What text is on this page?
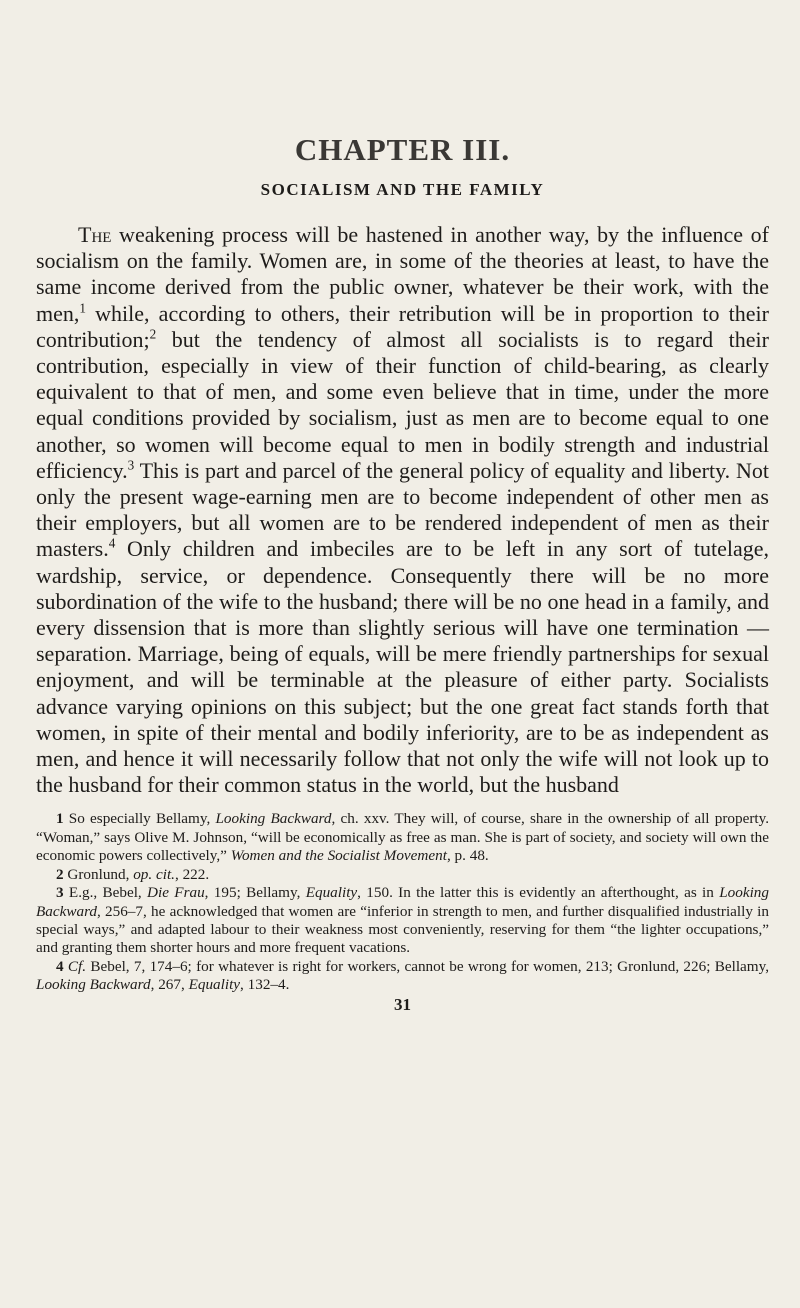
CHAPTER III.
SOCIALISM AND THE FAMILY

The weakening process will be hastened in another way, by the influence of socialism on the family. Women are, in some of the theories at least, to have the same income derived from the public owner, whatever be their work, with the men,$^1$ while, according to others, their retribution will be in proportion to their contribution;$^2$ but the tendency of almost all socialists is to regard their contribution, especially in view of their function of child-bearing, as clearly equivalent to that of men, and some even believe that in time, under the more equal conditions provided by socialism, just as men are to become equal to one another, so women will become equal to men in bodily strength and industrial efficiency.$^3$ This is part and parcel of the general policy of equality and liberty. Not only the present wage-earning men are to become independent of other men as their employers, but all women are to be rendered independent of men as their masters.$^4$ Only children and imbeciles are to be left in any sort of tutelage, wardship, service, or dependence. Consequently there will be no more subordination of the wife to the husband; there will be no one head in a family, and every dissension that is more than slightly serious will have one termination — separation. Marriage, being of equals, will be mere friendly partnerships for sexual enjoyment, and will be terminable at the pleasure of either party. Socialists advance varying opinions on this subject; but the one great fact stands forth that women, in spite of their mental and bodily inferiority, are to be as independent as men, and hence it will necessarily follow that not only the wife will not look up to the husband for their common status in the world, but the husband

1 So especially Bellamy, Looking Backward, ch. xxv. They will, of course, share in the ownership of all property. “Woman,” says Olive M. Johnson, “will be economically as free as man. She is part of society, and society will own the economic powers collectively,” Women and the Socialist Movement, p. 48.

2 Gronlund, op. cit., 222.

3 E.g., Bebel, Die Frau, 195; Bellamy, Equality, 150. In the latter this is evidently an afterthought, as in Looking Backward, 256–7, he acknowledged that women are “inferior in strength to men, and further disqualified industrially in special ways,” and adapted labour to their weakness most conveniently, reserving for them “the lighter occupations,” and granting them shorter hours and more frequent vacations.

4 Cf. Bebel, 7, 174–6; for whatever is right for workers, cannot be wrong for women, 213; Gronlund, 226; Bellamy, Looking Backward, 267, Equality, 132–4.

31
